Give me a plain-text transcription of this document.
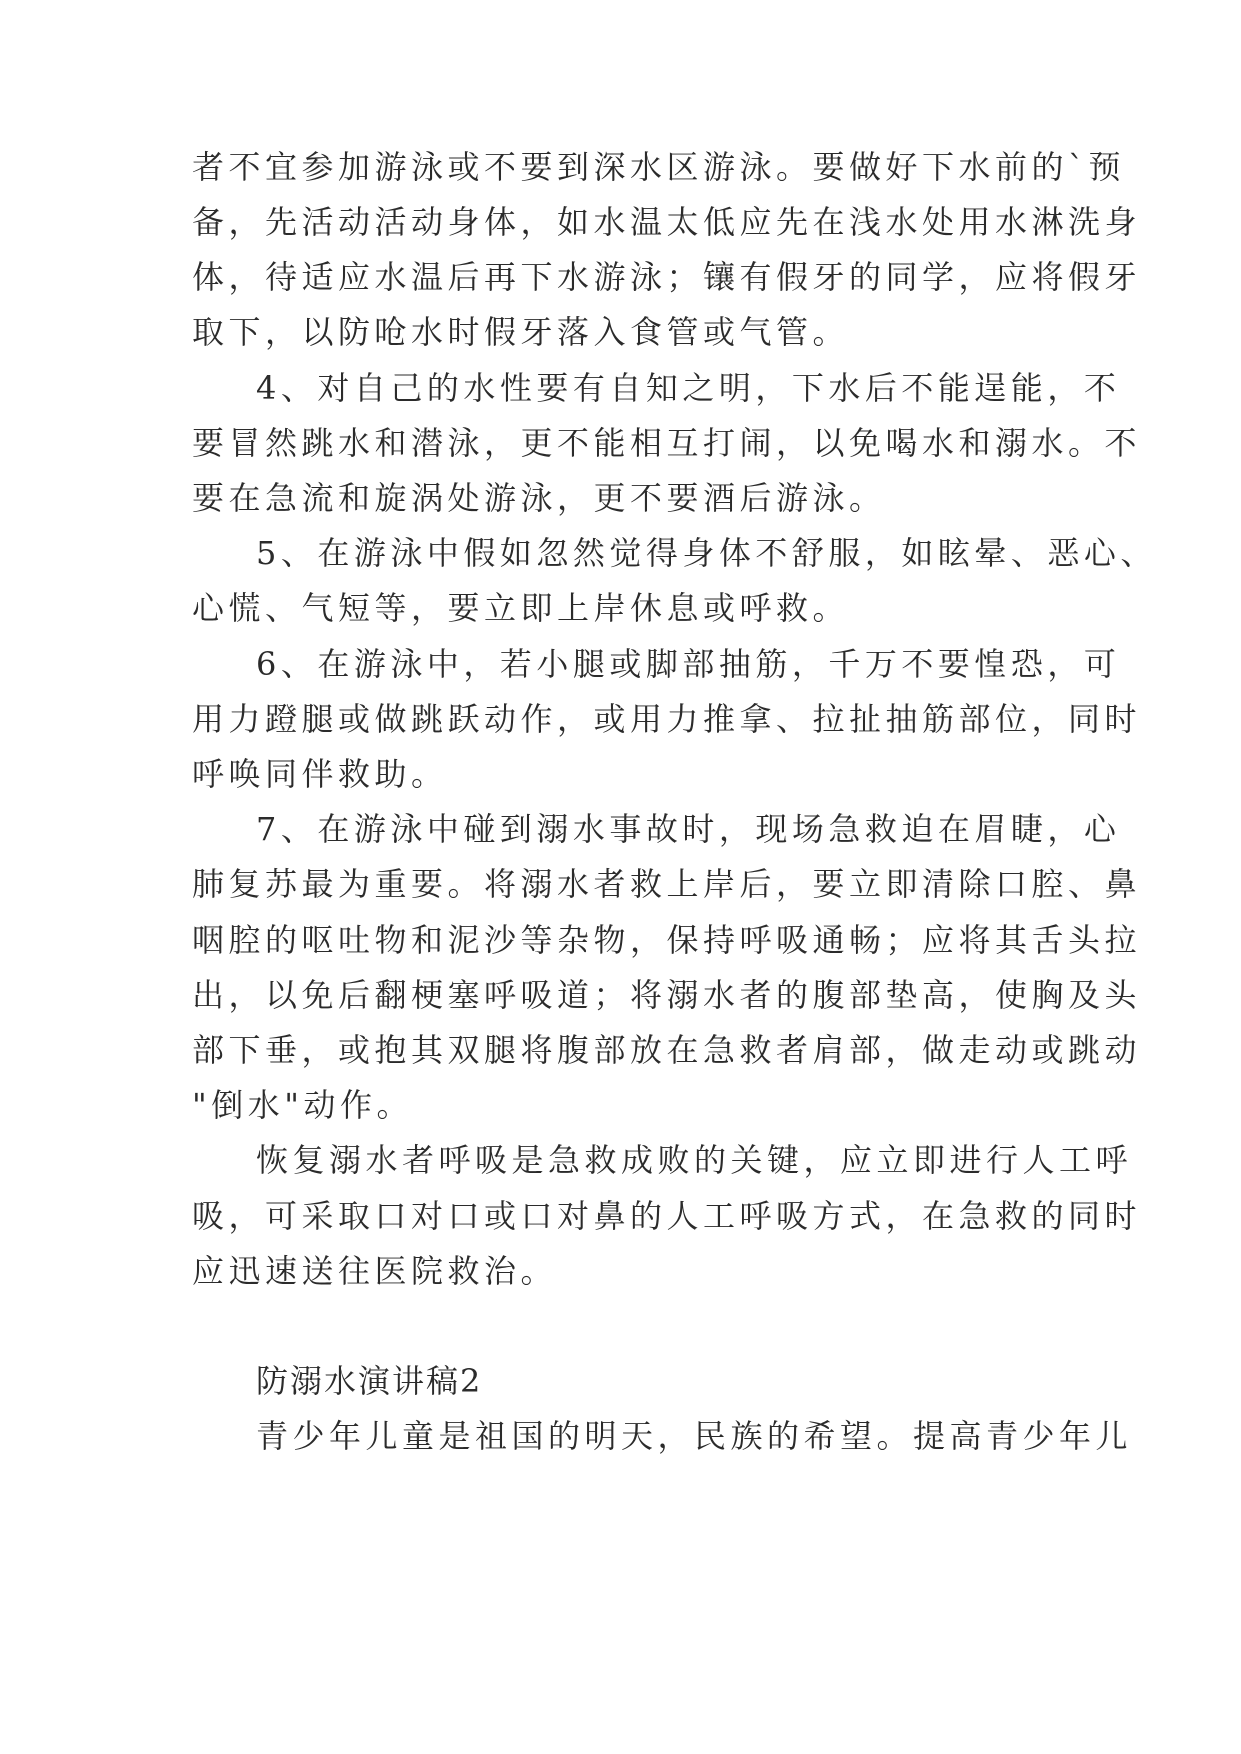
者不宜参加游泳或不要到深水区游泳。要做好下水前的`预
备，先活动活动身体，如水温太低应先在浅水处用水淋洗身
体，待适应水温后再下水游泳；镶有假牙的同学，应将假牙
取下，以防呛水时假牙落入食管或气管。
4、对自己的水性要有自知之明，下水后不能逞能，不
要冒然跳水和潜泳，更不能相互打闹，以免喝水和溺水。不
要在急流和旋涡处游泳，更不要酒后游泳。
5、在游泳中假如忽然觉得身体不舒服，如眩晕、恶心、
心慌、气短等，要立即上岸休息或呼救。
6、在游泳中，若小腿或脚部抽筋，千万不要惶恐，可
用力蹬腿或做跳跃动作，或用力推拿、拉扯抽筋部位，同时
呼唤同伴救助。
7、在游泳中碰到溺水事故时，现场急救迫在眉睫，心
肺复苏最为重要。将溺水者救上岸后，要立即清除口腔、鼻
咽腔的呕吐物和泥沙等杂物，保持呼吸通畅；应将其舌头拉
出，以免后翻梗塞呼吸道；将溺水者的腹部垫高，使胸及头
部下垂，或抱其双腿将腹部放在急救者肩部，做走动或跳动
"倒水"动作。
恢复溺水者呼吸是急救成败的关键，应立即进行人工呼
吸，可采取口对口或口对鼻的人工呼吸方式，在急救的同时
应迅速送往医院救治。
防溺水演讲稿2
青少年儿童是祖国的明天，民族的希望。提高青少年儿
